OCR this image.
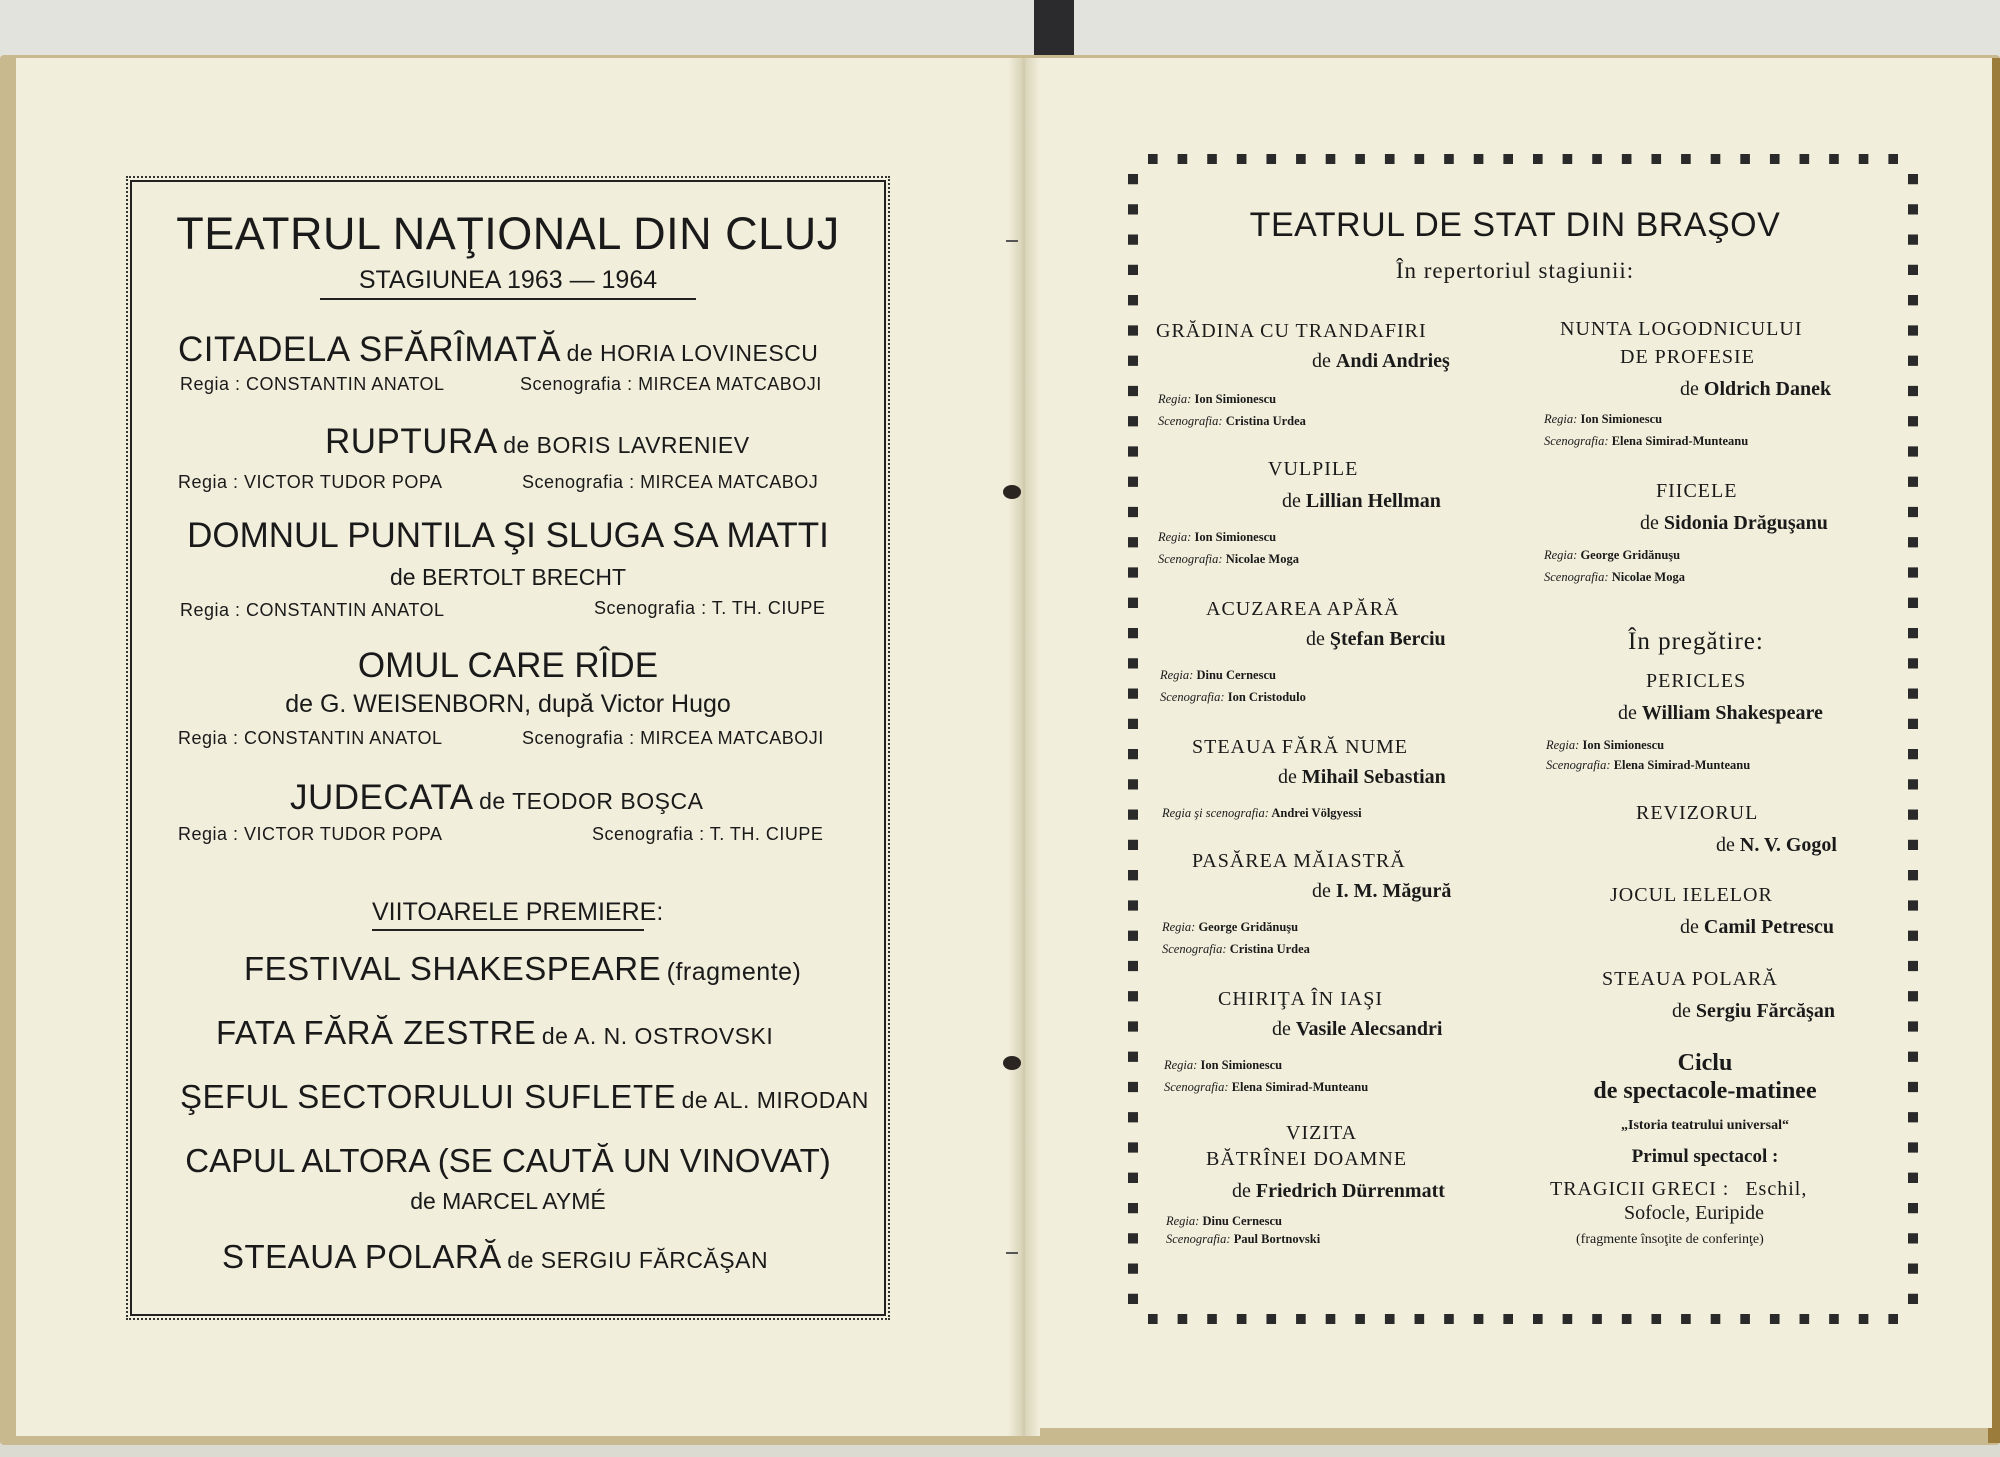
TEATRUL NAŢIONAL DIN CLUJ
STAGIUNEA 1963 — 1964
CITADELA SFĂRÎMATĂ de HORIA LOVINESCU
Regia : CONSTANTIN ANATOL	Scenografia : MIRCEA MATCABOJI
RUPTURA de BORIS LAVRENIEV
Regia : VICTOR TUDOR POPA	Scenografia : MIRCEA MATCABOJ
DOMNUL PUNTILA ŞI SLUGA SA MATTI
de BERTOLT BRECHT
Regia : CONSTANTIN ANATOL	Scenografia : T. TH. CIUPE
OMUL CARE RÎDE
de G. WEISENBORN, după Victor Hugo
Regia : CONSTANTIN ANATOL	Scenografia : MIRCEA MATCABOJI
JUDECATA de TEODOR BOŞCA
Regia : VICTOR TUDOR POPA	Scenografia : T. TH. CIUPE
VIITOARELE PREMIERE:
FESTIVAL SHAKESPEARE (fragmente)
FATA FĂRĂ ZESTRE de A. N. OSTROVSKI
ŞEFUL SECTORULUI SUFLETE de AL. MIRODAN
CAPUL ALTORA (SE CAUTĂ UN VINOVAT)
de MARCEL AYMÉ
STEAUA POLARĂ de SERGIU FĂRCĂŞAN
TEATRUL DE STAT DIN BRAŞOV
În repertoriul stagiunii:
GRĂDINA CU TRANDAFIRI
de Andi Andrieş
Regia: Ion Simionescu
Scenografia: Cristina Urdea
VULPILE
de Lillian Hellman
Regia: Ion Simionescu
Scenografia: Nicolae Moga
ACUZAREA APĂRĂ
de Ştefan Berciu
Regia: Dinu Cernescu
Scenografia: Ion Cristodulo
STEAUA FĂRĂ NUME
de Mihail Sebastian
Regia şi scenografia: Andrei Völgyessi
PASĂREA MĂIASTRĂ
de I. M. Măgură
Regia: George Gridănuşu
Scenografia: Cristina Urdea
CHIRIŢA ÎN IAŞI
de Vasile Alecsandri
Regia: Ion Simionescu
Scenografia: Elena Simirad-Munteanu
VIZITA
BĂTRÎNEI DOAMNE
de Friedrich Dürrenmatt
Regia: Dinu Cernescu
Scenografia: Paul Bortnovski
NUNTA LOGODNICULUI
DE PROFESIE
de Oldrich Danek
Regia: Ion Simionescu
Scenografia: Elena Simirad-Munteanu
FIICELE
de Sidonia Drăguşanu
Regia: George Gridănuşu
Scenografia: Nicolae Moga
În pregătire:
PERICLES
de William Shakespeare
Regia: Ion Simionescu
Scenografia: Elena Simirad-Munteanu
REVIZORUL
de N. V. Gogol
JOCUL IELELOR
de Camil Petrescu
STEAUA POLARĂ
de Sergiu Fărcăşan
Ciclu
de spectacole-matinee
„Istoria teatrului universal“
Primul spectacol :
TRAGICII GRECI : Eschil,
Sofocle, Euripide
(fragmente însoţite de conferinţe)
